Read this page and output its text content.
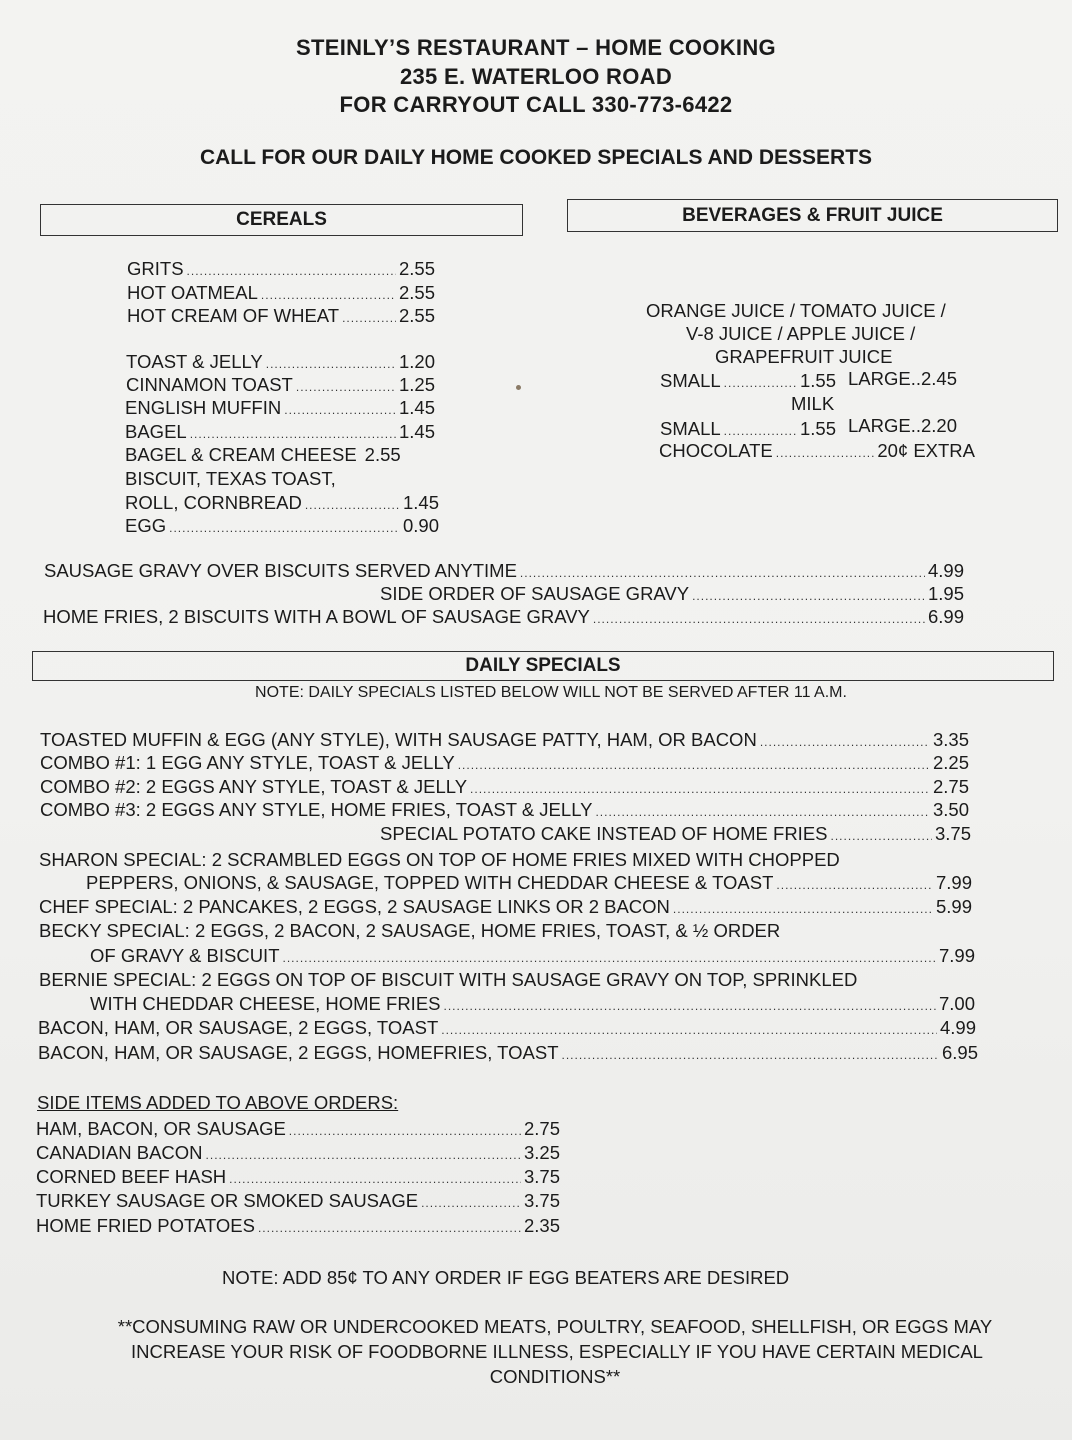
STEINLY’S RESTAURANT – HOME COOKING
235 E. WATERLOO ROAD
FOR CARRYOUT CALL 330-773-6422
CALL FOR OUR DAILY HOME COOKED SPECIALS AND DESSERTS
CEREALS	BEVERAGES & FRUIT JUICE
GRITS .....	2.55
HOT OATMEAL .....	2.55
HOT CREAM OF WHEAT .....	2.55
TOAST & JELLY .....	1.20
CINNAMON TOAST .....	1.25
ENGLISH MUFFIN .....	1.45
BAGEL .....	1.45
BAGEL & CREAM CHEESE 2.55
BISCUIT, TEXAS TOAST,
ROLL, CORNBREAD .....	1.45
EGG .....	0.90
ORANGE JUICE / TOMATO JUICE /
V-8 JUICE / APPLE JUICE /
GRAPEFRUIT JUICE
SMALL .....	1.55 LARGE..2.45
MILK
SMALL .....	1.55 LARGE..2.20
CHOCOLATE .....	20¢ EXTRA
SAUSAGE GRAVY OVER BISCUITS SERVED ANYTIME .....	4.99
SIDE ORDER OF SAUSAGE GRAVY .....	1.95
HOME FRIES, 2 BISCUITS WITH A BOWL OF SAUSAGE GRAVY .....	6.99
DAILY SPECIALS
NOTE: DAILY SPECIALS LISTED BELOW WILL NOT BE SERVED AFTER 11 A.M.
TOASTED MUFFIN & EGG (ANY STYLE), WITH SAUSAGE PATTY, HAM, OR BACON .....	3.35
COMBO #1: 1 EGG ANY STYLE, TOAST & JELLY .....	2.25
COMBO #2: 2 EGGS ANY STYLE, TOAST & JELLY .....	2.75
COMBO #3: 2 EGGS ANY STYLE, HOME FRIES, TOAST & JELLY .....	3.50
SPECIAL POTATO CAKE INSTEAD OF HOME FRIES .....	3.75
SHARON SPECIAL: 2 SCRAMBLED EGGS ON TOP OF HOME FRIES MIXED WITH CHOPPED
PEPPERS, ONIONS, & SAUSAGE, TOPPED WITH CHEDDAR CHEESE & TOAST .....	7.99
CHEF SPECIAL: 2 PANCAKES, 2 EGGS, 2 SAUSAGE LINKS OR 2 BACON .....	5.99
BECKY SPECIAL: 2 EGGS, 2 BACON, 2 SAUSAGE, HOME FRIES, TOAST, & ½ ORDER
OF GRAVY & BISCUIT .....	7.99
BERNIE SPECIAL: 2 EGGS ON TOP OF BISCUIT WITH SAUSAGE GRAVY ON TOP, SPRINKLED
WITH CHEDDAR CHEESE, HOME FRIES .....	7.00
BACON, HAM, OR SAUSAGE, 2 EGGS, TOAST .....	4.99
BACON, HAM, OR SAUSAGE, 2 EGGS, HOMEFRIES, TOAST .....	6.95
SIDE ITEMS ADDED TO ABOVE ORDERS:
HAM, BACON, OR SAUSAGE .....	2.75
CANADIAN BACON .....	3.25
CORNED BEEF HASH .....	3.75
TURKEY SAUSAGE OR SMOKED SAUSAGE .....	3.75
HOME FRIED POTATOES .....	2.35
NOTE: ADD 85¢ TO ANY ORDER IF EGG BEATERS ARE DESIRED
**CONSUMING RAW OR UNDERCOOKED MEATS, POULTRY, SEAFOOD, SHELLFISH, OR EGGS MAY
INCREASE YOUR RISK OF FOODBORNE ILLNESS, ESPECIALLY IF YOU HAVE CERTAIN MEDICAL
CONDITIONS**
